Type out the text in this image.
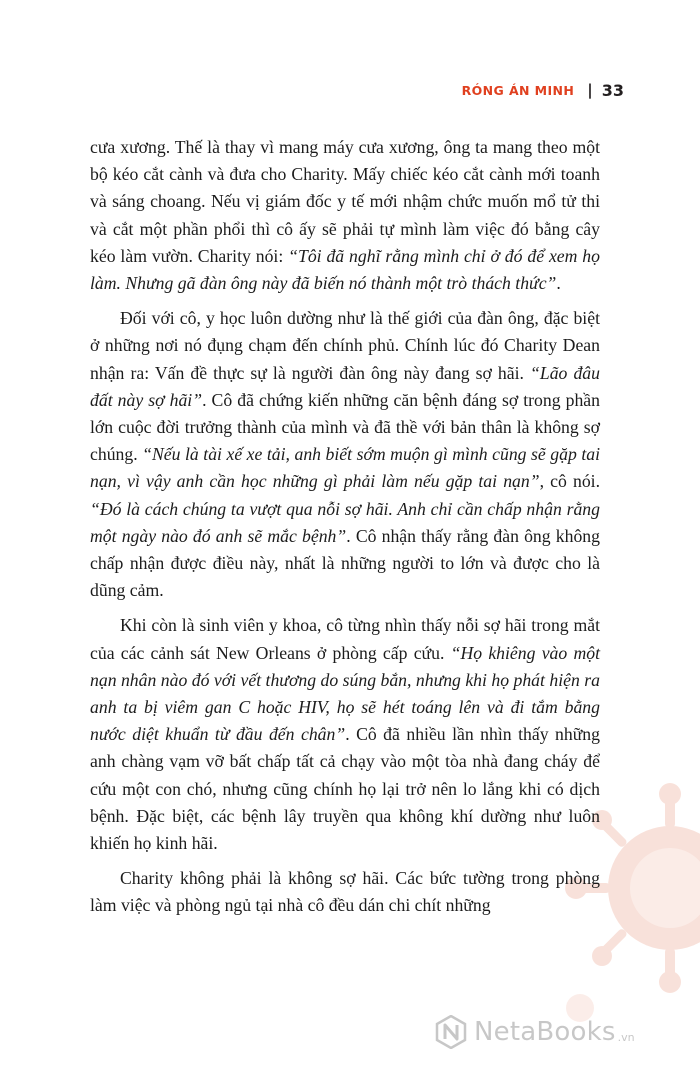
RÓNG ÁN MINH | 33

cưa xương. Thế là thay vì mang máy cưa xương, ông ta mang theo một bộ kéo cắt cành và đưa cho Charity. Mấy chiếc kéo cắt cành mới toanh và sáng choang. Nếu vị giám đốc y tế mới nhậm chức muốn mổ tử thi và cắt một phần phổi thì cô ấy sẽ phải tự mình làm việc đó bằng cây kéo làm vườn. Charity nói: “Tôi đã nghĩ rằng mình chỉ ở đó để xem họ làm. Nhưng gã đàn ông này đã biến nó thành một trò thách thức”.

Đối với cô, y học luôn dường như là thế giới của đàn ông, đặc biệt ở những nơi nó đụng chạm đến chính phủ. Chính lúc đó Charity Dean nhận ra: Vấn đề thực sự là người đàn ông này đang sợ hãi. “Lão đâu đất này sợ hãi”. Cô đã chứng kiến những căn bệnh đáng sợ trong phần lớn cuộc đời trưởng thành của mình và đã thề với bản thân là không sợ chúng. “Nếu là tài xế xe tải, anh biết sớm muộn gì mình cũng sẽ gặp tai nạn, vì vậy anh cần học những gì phải làm nếu gặp tai nạn”, cô nói. “Đó là cách chúng ta vượt qua nỗi sợ hãi. Anh chỉ cần chấp nhận rằng một ngày nào đó anh sẽ mắc bệnh”. Cô nhận thấy rằng đàn ông không chấp nhận được điều này, nhất là những người to lớn và được cho là dũng cảm.

Khi còn là sinh viên y khoa, cô từng nhìn thấy nỗi sợ hãi trong mắt của các cảnh sát New Orleans ở phòng cấp cứu. “Họ khiêng vào một nạn nhân nào đó với vết thương do súng bắn, nhưng khi họ phát hiện ra anh ta bị viêm gan C hoặc HIV, họ sẽ hét toáng lên và đi tắm bằng nước diệt khuẩn từ đầu đến chân”. Cô đã nhiều lần nhìn thấy những anh chàng vạm vỡ bất chấp tất cả chạy vào một tòa nhà đang cháy để cứu một con chó, nhưng cũng chính họ lại trở nên lo lắng khi có dịch bệnh. Đặc biệt, các bệnh lây truyền qua không khí dường như luôn khiến họ kinh hãi.

Charity không phải là không sợ hãi. Các bức tường trong phòng làm việc và phòng ngủ tại nhà cô đều dán chi chít những

NetaBooks .vn
